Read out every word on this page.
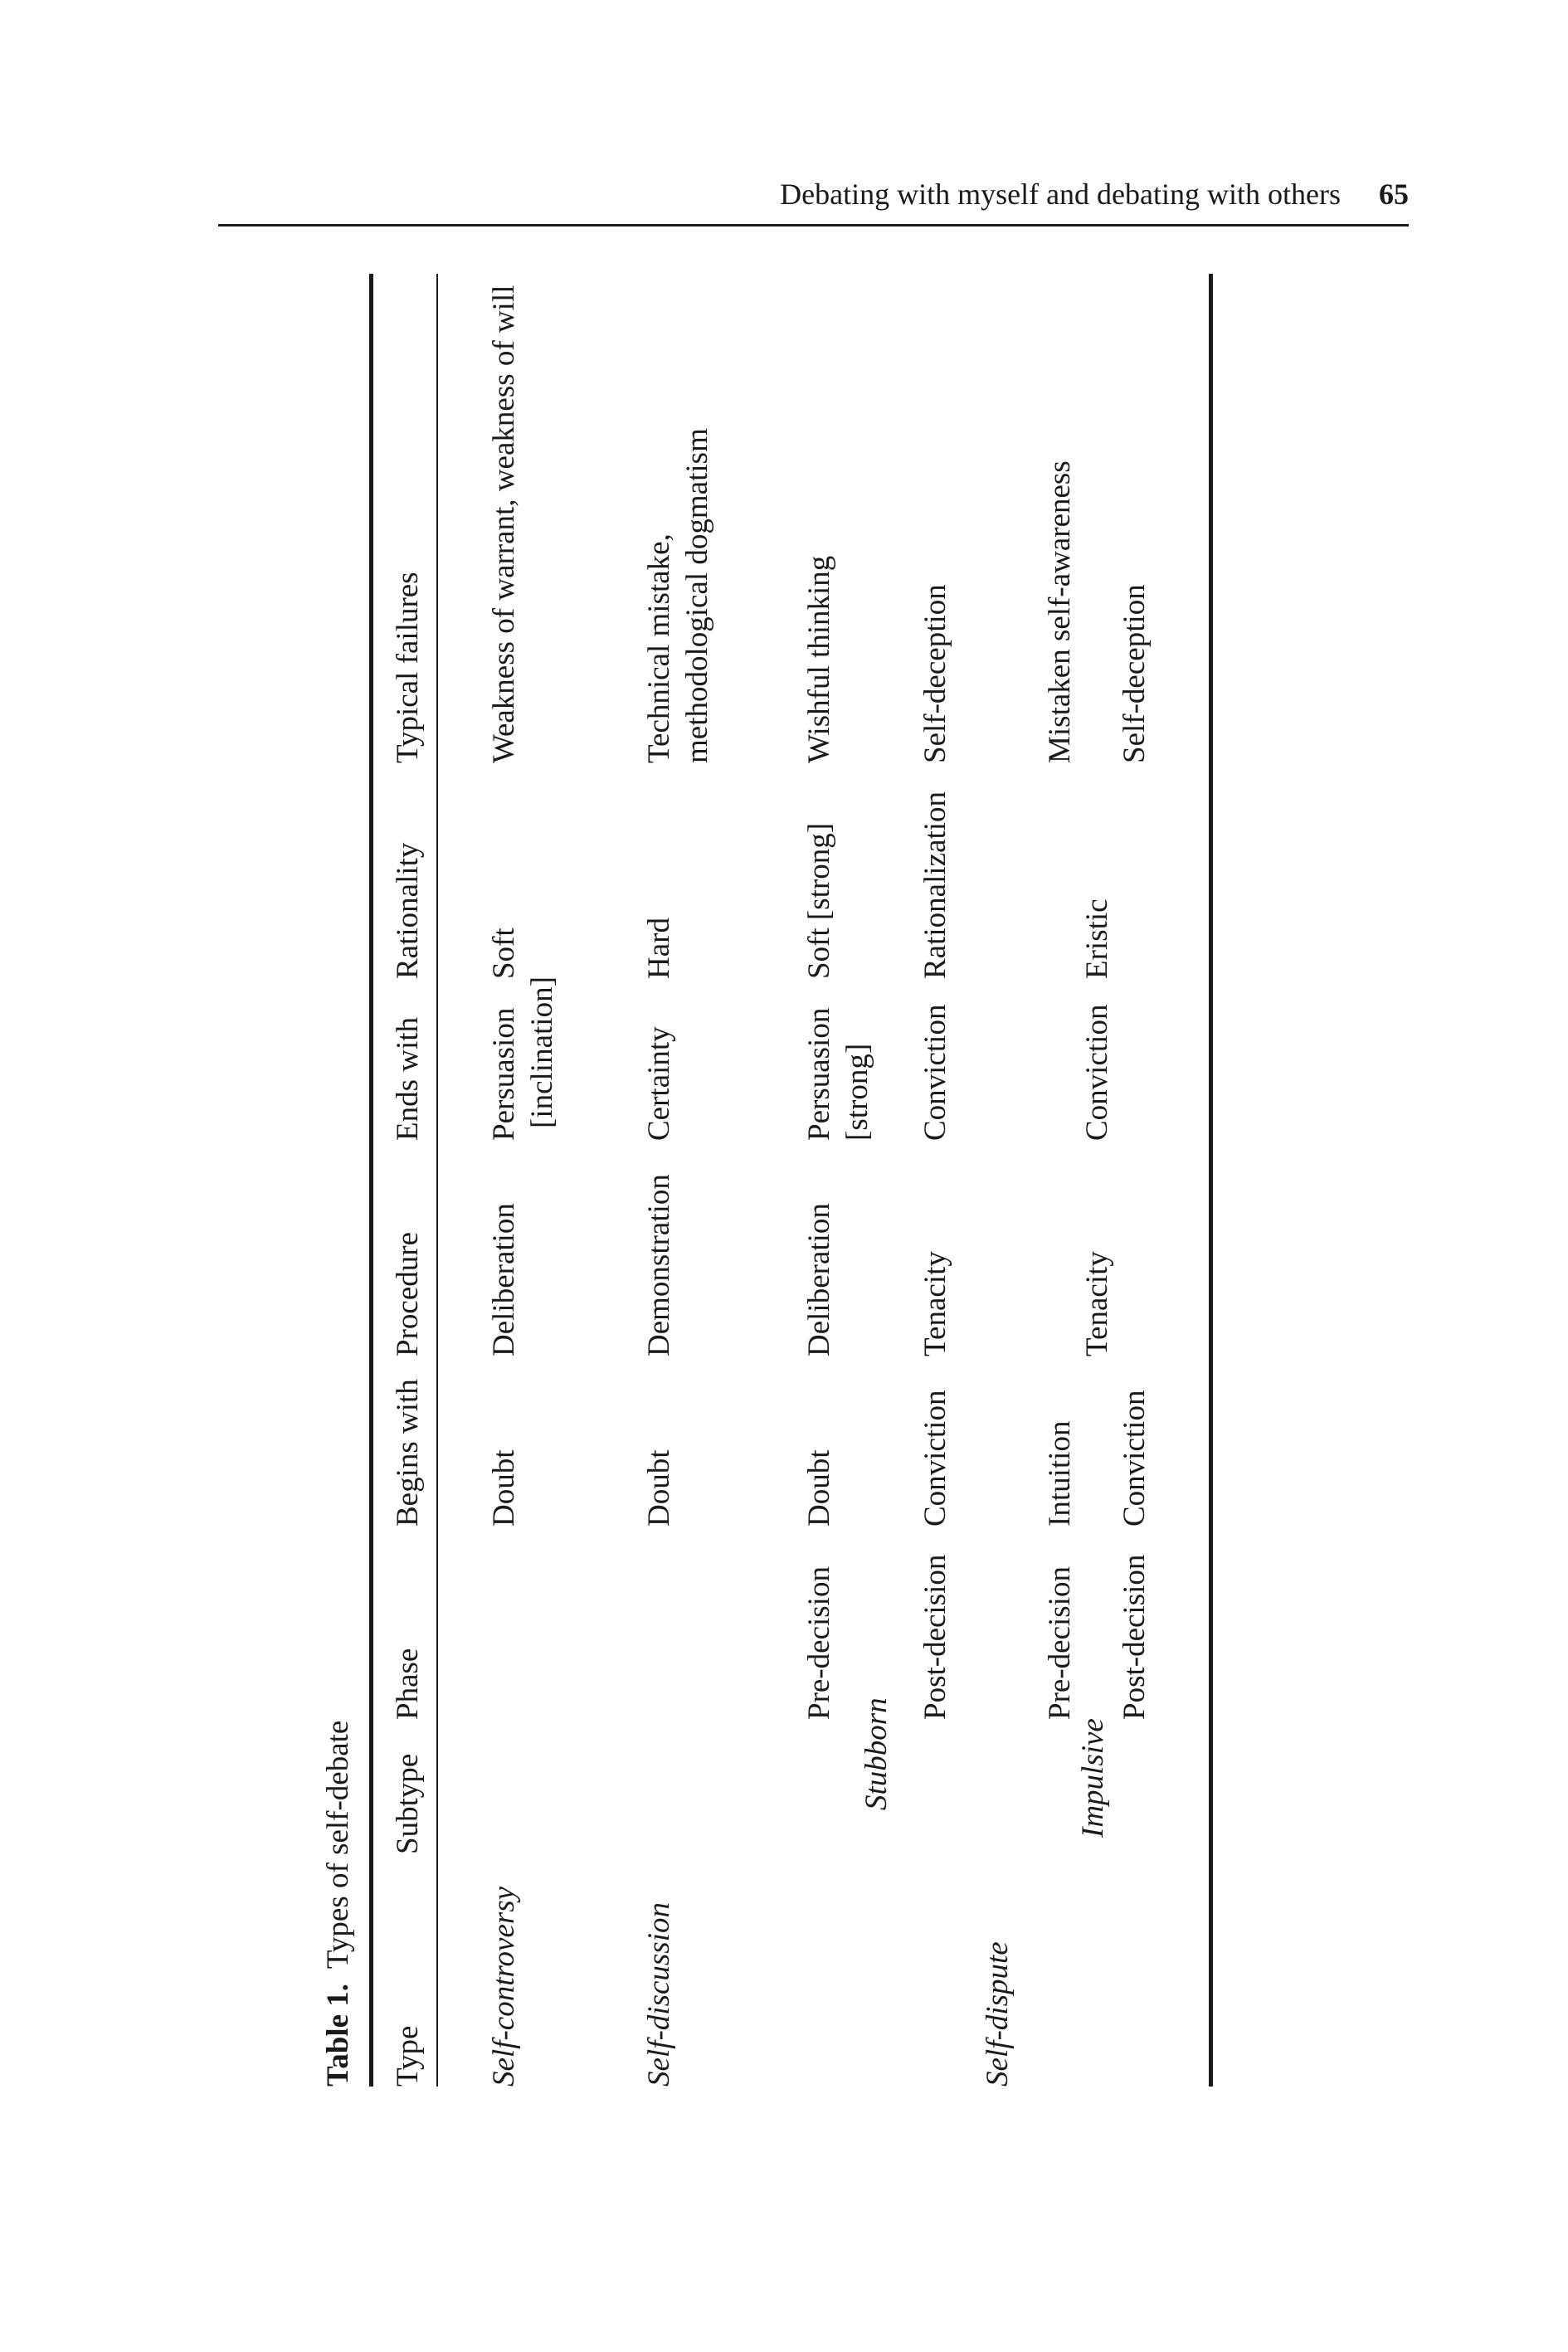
Debating with myself and debating with others 65
Table 1.  Types of self-debate
Type
Subtype
Phase
Begins with
Procedure
Ends with
Rationality
Typical failures
Self-controversy
Doubt
Deliberation
Persuasion [inclination]
Soft
Weakness of warrant, weakness of will
Self-discussion
Doubt
Demonstration
Certainty
Hard
Technical mistake, methodological dogmatism
Pre-decision
Doubt
Deliberation
Persuasion [strong]
Soft [strong]
Wishful thinking
Stubborn
Post-decision
Conviction
Tenacity
Conviction
Rationalization
Self-deception
Self-dispute
Pre-decision
Intuition
Mistaken self-awareness
Impulsive
Tenacity
Conviction
Eristic
Post-decision
Conviction
Self-deception
